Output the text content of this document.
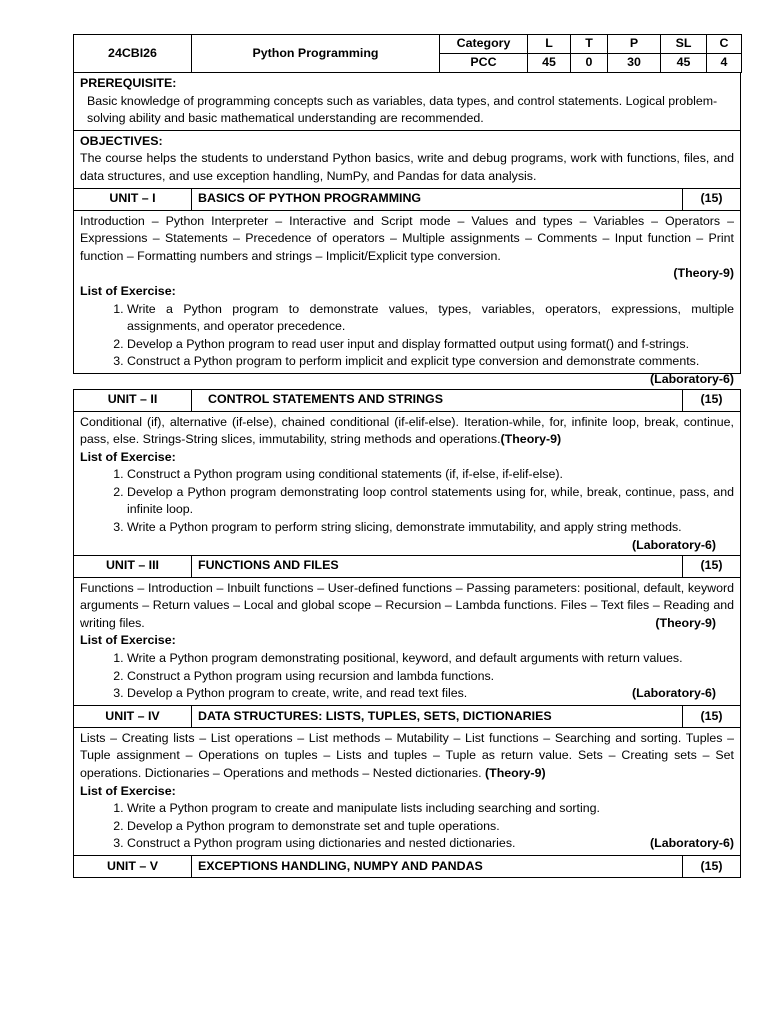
24CBI26	Python Programming	Category	L	T	P	SL	C
		PCC	45	0	30	45	4
PREREQUISITE:
Basic knowledge of programming concepts such as variables, data types, and control statements. Logical problem-solving ability and basic mathematical understanding are recommended.
OBJECTIVES:
The course helps the students to understand Python basics, write and debug programs, work with functions, files, and data structures, and use exception handling, NumPy, and Pandas for data analysis.
UNIT – I	BASICS OF PYTHON PROGRAMMING	(15)
Introduction – Python Interpreter – Interactive and Script mode – Values and types – Variables – Operators – Expressions – Statements – Precedence of operators – Multiple assignments – Comments – Input function – Print function – Formatting numbers and strings – Implicit/Explicit type conversion.
(Theory-9)
List of Exercise:
1. Write a Python program to demonstrate values, types, variables, operators, expressions, multiple assignments, and operator precedence.
2. Develop a Python program to read user input and display formatted output using format() and f-strings.
3. Construct a Python program to perform implicit and explicit type conversion and demonstrate comments.
(Laboratory-6)
UNIT – II	CONTROL STATEMENTS AND STRINGS	(15)
Conditional (if), alternative (if-else), chained conditional (if-elif-else). Iteration-while, for, infinite loop, break, continue, pass, else. Strings-String slices, immutability, string methods and operations.(Theory-9)
List of Exercise:
1. Construct a Python program using conditional statements (if, if-else, if-elif-else).
2. Develop a Python program demonstrating loop control statements using for, while, break, continue, pass, and infinite loop.
3. Write a Python program to perform string slicing, demonstrate immutability, and apply string methods.
(Laboratory-6)
UNIT – III	FUNCTIONS AND FILES	(15)
Functions – Introduction – Inbuilt functions – User-defined functions – Passing parameters: positional, default, keyword arguments – Return values – Local and global scope – Recursion – Lambda functions. Files – Text files – Reading and writing files.	(Theory-9)
List of Exercise:
1. Write a Python program demonstrating positional, keyword, and default arguments with return values.
2. Construct a Python program using recursion and lambda functions.
3. Develop a Python program to create, write, and read text files.	(Laboratory-6)
UNIT – IV	DATA STRUCTURES: LISTS, TUPLES, SETS, DICTIONARIES	(15)
Lists – Creating lists – List operations – List methods – Mutability – List functions – Searching and sorting. Tuples – Tuple assignment – Operations on tuples – Lists and tuples – Tuple as return value. Sets – Creating sets – Set operations. Dictionaries – Operations and methods – Nested dictionaries. (Theory-9)
List of Exercise:
1. Write a Python program to create and manipulate lists including searching and sorting.
2. Develop a Python program to demonstrate set and tuple operations.
3. Construct a Python program using dictionaries and nested dictionaries.	(Laboratory-6)
UNIT – V	EXCEPTIONS HANDLING, NUMPY AND PANDAS	(15)
